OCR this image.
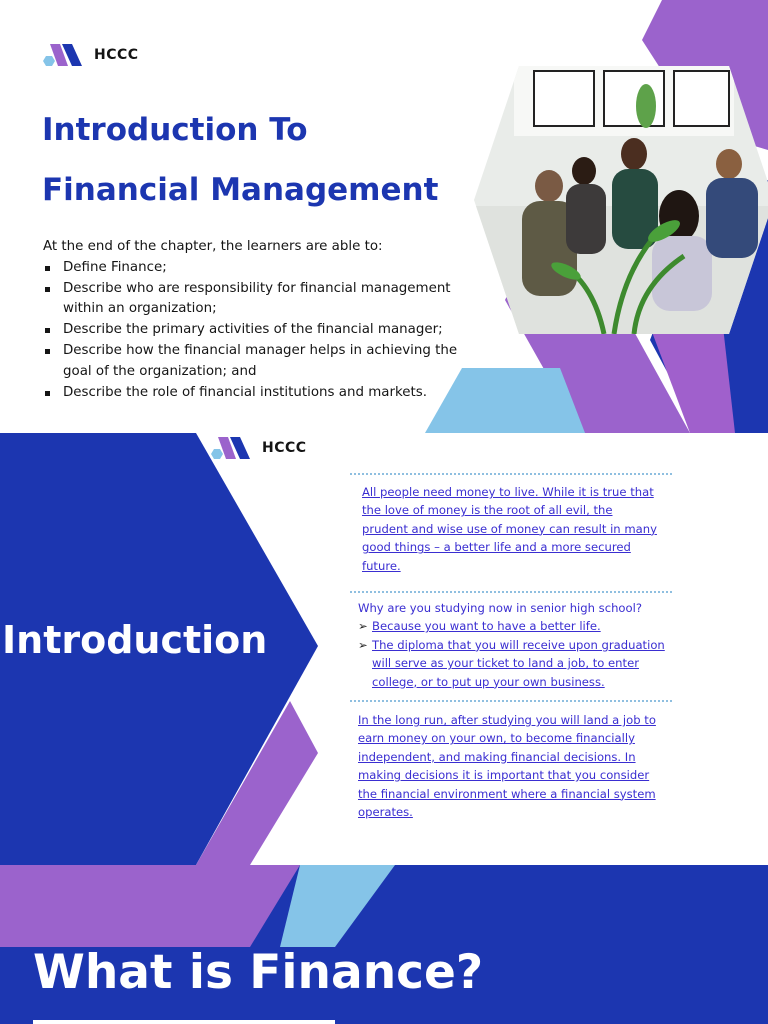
HCCC
Introduction To
Financial Management

At the end of the chapter, the learners are able to:

Define Finance;
Describe who are responsibility for financial management within an organization;
Describe the primary activities of the financial manager;
Describe how the financial manager helps in achieving the goal of the organization; and
Describe the role of financial institutions and markets.
HCCC
Introduction
All people need money to live. While it is true that the love of money is the root of all evil, the prudent and wise use of money can result in many good things – a better life and a more secured future.
Why are you studying now in senior high school?
➢ Because you want to have a better life.
➢ The diploma that you will receive upon graduation will serve as your ticket to land a job, to enter college, or to put up your own business.
In the long run, after studying you will land a job to earn money on your own, to become financially independent, and making financial decisions. In making decisions it is important that you consider the financial environment where a financial system operates.
What is Finance?
